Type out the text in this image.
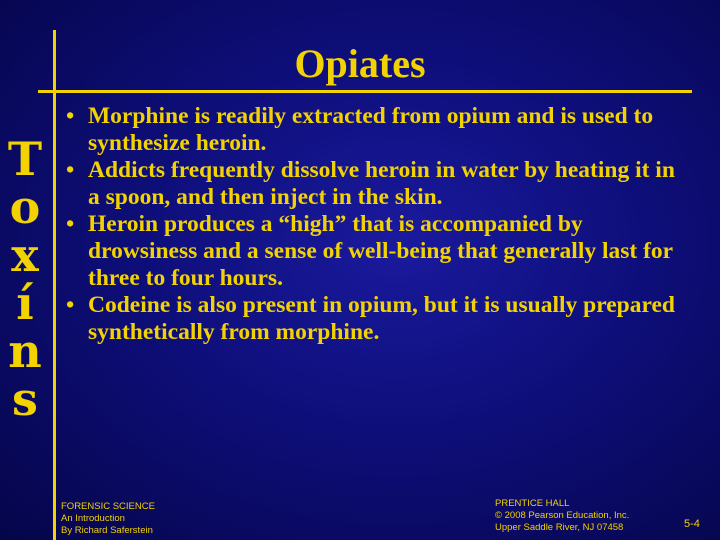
Opiates
T
o
x
í
n
s
• Morphine is readily extracted from opium and is used to synthesize heroin.
• Addicts frequently dissolve heroin in water by heating it in a spoon, and then inject in the skin.
• Heroin produces a “high” that is accompanied by drowsiness and a sense of well-being that generally last for three to four hours.
• Codeine is also present in opium, but it is usually prepared synthetically from morphine.
FORENSIC SCIENCE
An Introduction
By Richard Saferstein
PRENTICE HALL
© 2008 Pearson Education, Inc.
Upper Saddle River, NJ 07458	5-4
